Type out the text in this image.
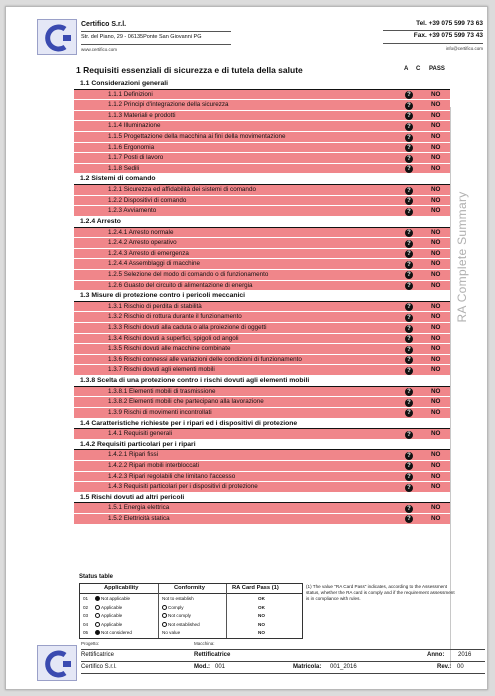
Certifico S.r.l.
Str. del Piano, 29 - 06135Ponte San Giovanni PG
www.certifico.com
Tel. +39 075 599 73 63
Fax. +39 075 599 73 43
info@certifico.com
1 Requisiti essenziali di sicurezza e di tutela della salute	A C PASS
RA Complete Summary
1.1 Considerazioni generali
1.1.1 Definizioni	?	NO
1.1.2 Principi d'integrazione della sicurezza	?	NO
1.1.3 Materiali e prodotti	?	NO
1.1.4 Illuminazione	?	NO
1.1.5 Progettazione della macchina ai fini della movimentazione	?	NO
1.1.6 Ergonomia	?	NO
1.1.7 Posti di lavoro	?	NO
1.1.8 Sedili	?	NO
1.2 Sistemi di comando
1.2.1 Sicurezza ed affidabilità dei sistemi di comando	?	NO
1.2.2 Dispositivi di comando	?	NO
1.2.3 Avviamento	?	NO
1.2.4 Arresto
1.2.4.1 Arresto normale	?	NO
1.2.4.2 Arresto operativo	?	NO
1.2.4.3 Arresto di emergenza	?	NO
1.2.4.4 Assemblaggi di macchine	?	NO
1.2.5 Selezione del modo di comando o di funzionamento	?	NO
1.2.6 Guasto del circuito di alimentazione di energia	?	NO
1.3 Misure di protezione contro i pericoli meccanici
1.3.1 Rischio di perdita di stabilità	?	NO
1.3.2 Rischio di rottura durante il funzionamento	?	NO
1.3.3 Rischi dovuti alla caduta o alla proiezione di oggetti	?	NO
1.3.4 Rischi dovuti a superfici, spigoli od angoli	?	NO
1.3.5 Rischi dovuti alle macchine combinate	?	NO
1.3.6 Rischi connessi alle variazioni delle condizioni di funzionamento	?	NO
1.3.7 Rischi dovuti agli elementi mobili	?	NO
1.3.8 Scelta di una protezione contro i rischi dovuti agli elementi mobili
1.3.8.1 Elementi mobili di trasmissione	?	NO
1.3.8.2 Elementi mobili che partecipano alla lavorazione	?	NO
1.3.9 Rischi di movimenti incontrollati	?	NO
1.4 Caratteristiche richieste per i ripari ed i dispositivi di protezione
1.4.1 Requisiti generali	?	NO
1.4.2 Requisiti particolari per i ripari
1.4.2.1 Ripari fissi	?	NO
1.4.2.2 Ripari mobili interbloccati	?	NO
1.4.2.3 Ripari regolabili che limitano l'accesso	?	NO
1.4.3 Requisiti particolari per i dispositivi di protezione	?	NO
1.5 Rischi dovuti ad altri pericoli
1.5.1 Energia elettrica	?	NO
1.5.2 Elettricità statica	?	NO
Status table
Applicability	Conformity	RA Card Pass (1)
01	Not applicable	Not to establish	OK
02	Applicable	Comply	OK
03	Applicable	Not comply	NO
04	Applicable	Not established	NO
05	Not considered	No value	NO
(1) The value "RA Card Pass" indicates, according to the Assessment status, whether the RA card is comply and if the requirement assessment is in compliance with rules.
Progetto:	Macchina:
Rettificatrice	Rettificatrice	Anno: 2016
Certifico S.r.l.	Mod.: 001	Matricola: 001_2016	Rev.: 00
